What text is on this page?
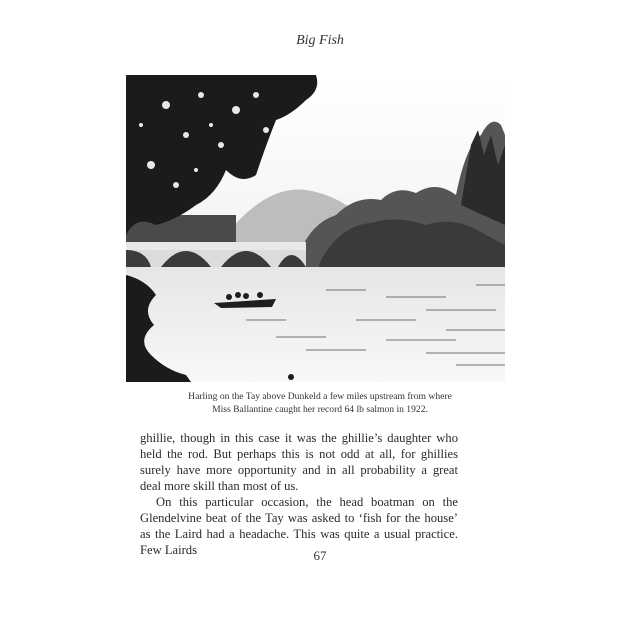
Big Fish
Harling on the Tay above Dunkeld a few miles upstream from where
Miss Ballantine caught her record 64 lb salmon in 1922.

ghillie, though in this case it was the ghillie’s daughter who held the rod. But perhaps this is not odd at all, for ghillies surely have more opportunity and in all probability a great deal more skill than most of us.

On this particular occasion, the head boatman on the Glendelvine beat of the Tay was asked to ‘fish for the house’ as the Laird had a headache. This was quite a usual practice. Few Lairds	67
